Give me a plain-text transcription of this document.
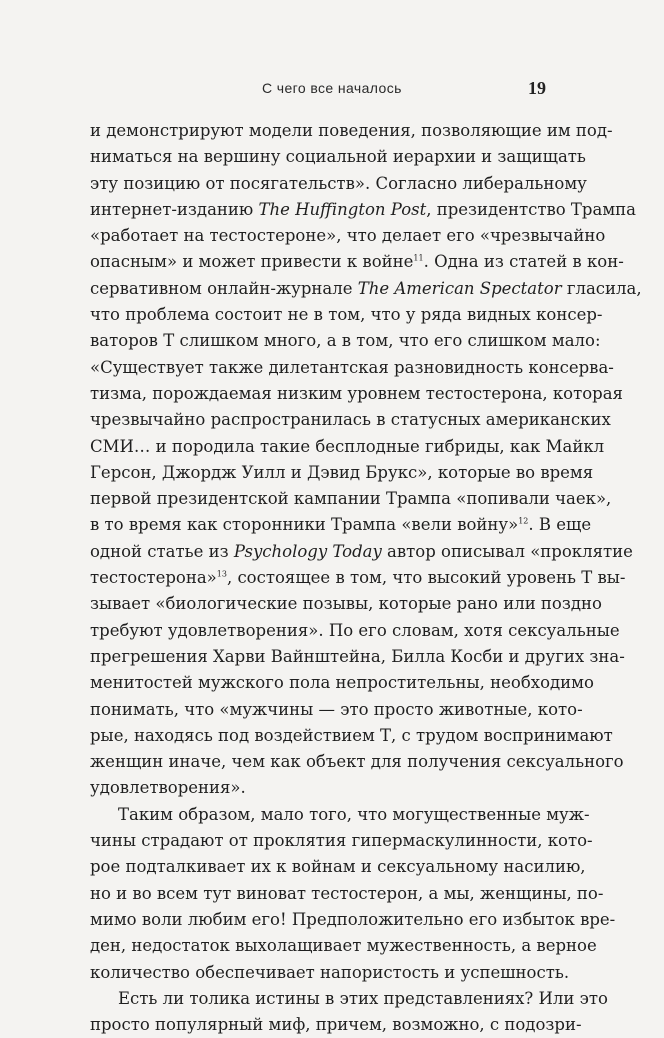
С чего все началось	19
и демонстрируют модели поведения, позволяющие им под-
ниматься на вершину социальной иерархии и защищать
эту позицию от посягательств». Согласно либеральному
интернет-изданию The Huffington Post, президентство Трампа
«работает на тестостероне», что делает его «чрезвычайно
опасным» и может привести к войне$^{11}$. Одна из статей в кон-
сервативном онлайн-журнале The American Spectator гласила,
что проблема состоит не в том, что у ряда видных консер-
ваторов Т слишком много, а в том, что его слишком мало:
«Существует также дилетантская разновидность консерва-
тизма, порождаемая низким уровнем тестостерона, которая
чрезвычайно распространилась в статусных американских
СМИ… и породила такие бесплодные гибриды, как Майкл
Герсон, Джордж Уилл и Дэвид Брукс», которые во время
первой президентской кампании Трампа «попивали чаек»,
в то время как сторонники Трампа «вели войну»$^{12}$. В еще
одной статье из Psychology Today автор описывал «проклятие
тестостерона»$^{13}$, состоящее в том, что высокий уровень Т вы-
зывает «биологические позывы, которые рано или поздно
требуют удовлетворения». По его словам, хотя сексуальные
прегрешения Харви Вайнштейна, Билла Косби и других зна-
менитостей мужского пола непростительны, необходимо
понимать, что «мужчины — это просто животные, кото-
рые, находясь под воздействием Т, с трудом воспринимают
женщин иначе, чем как объект для получения сексуального
удовлетворения».
Таким образом, мало того, что могущественные муж-
чины страдают от проклятия гипермаскулинности, кото-
рое подталкивает их к войнам и сексуальному насилию,
но и во всем тут виноват тестостерон, а мы, женщины, по-
мимо воли любим его! Предположительно его избыток вре-
ден, недостаток выхолащивает мужественность, а верное
количество обеспечивает напористость и успешность.
Есть ли толика истины в этих представлениях? Или это
просто популярный миф, причем, возможно, с подозри-
